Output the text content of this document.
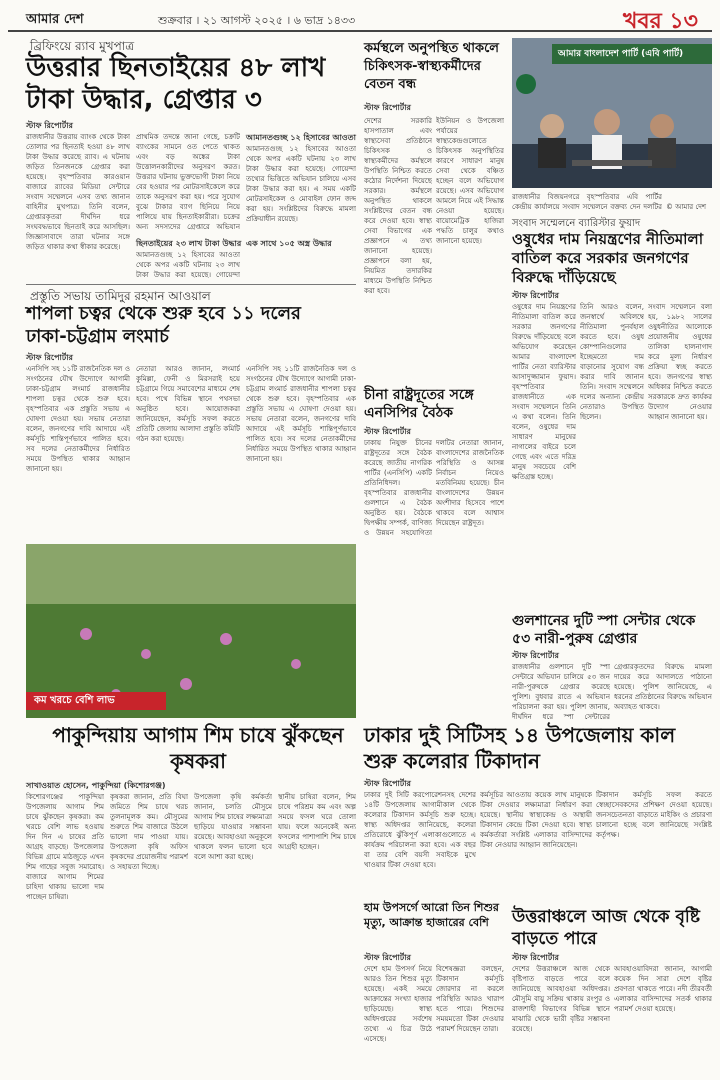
আমার দেশ	শুক্রবার । ২১ আগস্ট ২০২৫ । ৬ ভাদ্র ১৪৩৩	খবর ১৩
ব্রিফিংয়ে র‍্যাব মুখপাত্র
উত্তরার ছিনতাইয়ের ৪৮ লাখ টাকা উদ্ধার, গ্রেপ্তার ৩
স্টাফ রিপোর্টার
রাজধানীর উত্তরায় ব্যাংক থেকে টাকা তোলার পর ছিনতাই হওয়া ৪৮ লাখ টাকা উদ্ধার করেছে র‍্যাব। এ ঘটনায় জড়িত তিনজনকে গ্রেপ্তার করা হয়েছে। বৃহস্পতিবার কারওয়ান বাজারে র‍্যাবের মিডিয়া সেন্টারে সংবাদ সম্মেলনে এসব তথ্য জানান বাহিনীর মুখপাত্র। তিনি বলেন, গ্রেপ্তারকৃতরা দীর্ঘদিন ধরে সংঘবদ্ধভাবে ছিনতাই করে আসছিল। জিজ্ঞাসাবাদে তারা ঘটনার সঙ্গে জড়িত থাকার কথা স্বীকার করেছে।
প্রাথমিক তদন্তে জানা গেছে, চক্রটি ব্যাংকের সামনে ওত পেতে থাকত এবং বড় অঙ্কের টাকা উত্তোলনকারীদের অনুসরণ করত। উত্তরার ঘটনায় ভুক্তভোগী টাকা নিয়ে বের হওয়ার পর মোটরসাইকেলে করে তাকে অনুসরণ করা হয়। পরে সুযোগ বুঝে টাকার ব্যাগ ছিনিয়ে নিয়ে পালিয়ে যায় ছিনতাইকারীরা। চক্রের অন্য সদস্যদের গ্রেপ্তারে অভিযান
ছিনতাইয়ের ২৩ লাখ টাকা উদ্ধার
আমানতগুচ্ছ ১২ হিসাবের আওতা থেকে অপর একটি ঘটনায় ২৩ লাখ টাকা উদ্ধার করা হয়েছে। গোয়েন্দা
আমানতগুচ্ছ ১২ হিসাবের আওতা
আমানতগুচ্ছ ১২ হিসাবের আওতা থেকে অপর একটি ঘটনায় ২৩ লাখ টাকা উদ্ধার করা হয়েছে। গোয়েন্দা তথ্যের ভিত্তিতে অভিযান চালিয়ে এসব টাকা উদ্ধার করা হয়। এ সময় একটি মোটরসাইকেল ও মোবাইল ফোন জব্দ করা হয়। সংশ্লিষ্টদের বিরুদ্ধে মামলা প্রক্রিয়াধীন রয়েছে।
এক সাথে ১০৫ অস্ত্র উদ্ধার
প্রস্তুতি সভায় তামিদুর রহমান আওয়াল
শাপলা চত্বর থেকে শুরু হবে ১১ দলের ঢাকা-চট্টগ্রাম লংমার্চ
স্টাফ রিপোর্টার
এনসিপি সহ ১১টি রাজনৈতিক দল ও সংগঠনের যৌথ উদ্যোগে আগামী ঢাকা-চট্টগ্রাম লংমার্চ রাজধানীর শাপলা চত্বর থেকে শুরু হবে। বৃহস্পতিবার এক প্রস্তুতি সভায় এ ঘোষণা দেওয়া হয়। সভায় নেতারা বলেন, জনগণের দাবি আদায়ে এই কর্মসূচি শান্তিপূর্ণভাবে পালিত হবে। সব দলের নেতাকর্মীদের নির্ধারিত সময়ে উপস্থিত থাকার আহ্বান জানানো হয়।
নেতারা আরও জানান, লংমার্চ কুমিল্লা, ফেনী ও মিরসরাই হয়ে চট্টগ্রামে গিয়ে সমাবেশের মাধ্যমে শেষ হবে। পথে বিভিন্ন স্থানে পথসভা অনুষ্ঠিত হবে। আয়োজকরা জানিয়েছেন, কর্মসূচি সফল করতে প্রতিটি জেলায় আলাদা প্রস্তুতি কমিটি গঠন করা হয়েছে।
এনসিপি সহ ১১টি রাজনৈতিক দল ও সংগঠনের যৌথ উদ্যোগে আগামী ঢাকা-চট্টগ্রাম লংমার্চ রাজধানীর শাপলা চত্বর থেকে শুরু হবে। বৃহস্পতিবার এক প্রস্তুতি সভায় এ ঘোষণা দেওয়া হয়। সভায় নেতারা বলেন, জনগণের দাবি আদায়ে এই কর্মসূচি শান্তিপূর্ণভাবে পালিত হবে। সব দলের নেতাকর্মীদের নির্ধারিত সময়ে উপস্থিত থাকার আহ্বান জানানো হয়।
কর্মস্থলে অনুপস্থিত থাকলে চিকিৎসক-স্বাস্থ্যকর্মীদের বেতন বন্ধ
স্টাফ রিপোর্টার
দেশের সরকারি হাসপাতাল এবং স্বাস্থ্যসেবা প্রতিষ্ঠানে চিকিৎসক ও স্বাস্থ্যকর্মীদের কর্মস্থলে উপস্থিতি নিশ্চিত করতে কঠোর নির্দেশনা দিয়েছে সরকার। কর্মস্থলে অনুপস্থিত থাকলে সংশ্লিষ্টদের বেতন বন্ধ করে দেওয়া হবে। স্বাস্থ্য সেবা বিভাগের এক প্রজ্ঞাপনে এ তথ্য জানানো হয়েছে। প্রজ্ঞাপনে বলা হয়, নিয়মিত তদারকির মাধ্যমে উপস্থিতি নিশ্চিত করা হবে।
ইউনিয়ন ও উপজেলা পর্যায়ের স্বাস্থ্যকেন্দ্রগুলোতে চিকিৎসক অনুপস্থিতির কারণে সাধারণ মানুষ সেবা থেকে বঞ্চিত হচ্ছেন বলে অভিযোগ রয়েছে। এসব অভিযোগ আমলে নিয়ে এই সিদ্ধান্ত নেওয়া হয়েছে। বায়োমেট্রিক হাজিরা পদ্ধতি চালুর কথাও জানানো হয়েছে।
চীনা রাষ্ট্রদূতের সঙ্গে এনসিপির বৈঠক
স্টাফ রিপোর্টার
ঢাকায় নিযুক্ত চীনের রাষ্ট্রদূতের সঙ্গে বৈঠক করেছে জাতীয় নাগরিক পার্টির (এনসিপি) একটি প্রতিনিধিদল। বৃহস্পতিবার রাজধানীর গুলশানে এ বৈঠক অনুষ্ঠিত হয়। বৈঠকে দ্বিপক্ষীয় সম্পর্ক, বাণিজ্য ও উন্নয়ন সহযোগিতা
দলটির নেতারা জানান, বাংলাদেশের রাজনৈতিক পরিস্থিতি ও আসন্ন নির্বাচন নিয়েও মতবিনিময় হয়েছে। চীন বাংলাদেশের উন্নয়ন অংশীদার হিসেবে পাশে থাকবে বলে আশ্বাস দিয়েছেন রাষ্ট্রদূত।
আমার বাংলাদেশ পার্টি (এবি পার্টি)
রাজধানীর বিজয়নগরে বৃহস্পতিবার এবি পার্টির কেন্দ্রীয় কার্যালয়ে সংবাদ সম্মেলনে বক্তব্য দেন দলটির © আমার দেশ
সংবাদ সম্মেলনে ব্যারিস্টার ফুয়াদ
ওষুধের দাম নিয়ন্ত্রণের নীতিমালা বাতিল করে সরকার জনগণের বিরুদ্ধে দাঁড়িয়েছে
স্টাফ রিপোর্টার
ওষুধের দাম নিয়ন্ত্রণের নীতিমালা বাতিল করে সরকার জনগণের বিরুদ্ধে দাঁড়িয়েছে বলে অভিযোগ করেছেন আমার বাংলাদেশ পার্টির নেতা ব্যারিস্টার আসাদুজ্জামান ফুয়াদ। বৃহস্পতিবার রাজধানীতে এক সংবাদ সম্মেলনে তিনি এ কথা বলেন। তিনি বলেন, ওষুধের দাম সাধারণ মানুষের নাগালের বাইরে চলে গেছে এবং এতে দরিদ্র মানুষ সবচেয়ে বেশি ক্ষতিগ্রস্ত হচ্ছে।
তিনি আরও বলেন, জনস্বার্থে অবিলম্বে নীতিমালা পুনর্বহাল করতে হবে। ওষুধ কোম্পানিগুলোর ইচ্ছেমতো দাম বাড়ানোর সুযোগ বন্ধ করার দাবি জানান তিনি। সংবাদ সম্মেলনে দলের অন্যান্য কেন্দ্রীয় নেতারাও উপস্থিত ছিলেন।
সংবাদ সম্মেলনে বলা হয়, ১৯৮২ সালের ওষুধনীতির আলোকে প্রয়োজনীয় ওষুধের তালিকা হালনাগাদ করে মূল্য নির্ধারণ প্রক্রিয়া স্বচ্ছ করতে হবে। জনগণের স্বাস্থ্য অধিকার নিশ্চিত করতে সরকারকে দ্রুত কার্যকর উদ্যোগ নেওয়ার আহ্বান জানানো হয়।
গুলশানের দুটি স্পা সেন্টার থেকে ৫৩ নারী-পুরুষ গ্রেপ্তার
স্টাফ রিপোর্টার
রাজধানীর গুলশানে দুটি স্পা সেন্টারে অভিযান চালিয়ে ৫৩ জন নারী-পুরুষকে গ্রেপ্তার করেছে পুলিশ। বুধবার রাতে এ অভিযান পরিচালনা করা হয়। পুলিশ জানায়, দীর্ঘদিন ধরে স্পা সেন্টারের
গ্রেপ্তারকৃতদের বিরুদ্ধে মামলা দায়ের করে আদালতে পাঠানো হয়েছে। পুলিশ জানিয়েছে, এ ধরনের প্রতিষ্ঠানের বিরুদ্ধে অভিযান অব্যাহত থাকবে।
ঢাকার দুই সিটিসহ ১৪ উপজেলায় কাল শুরু কলেরার টিকাদান
স্টাফ রিপোর্টার
ঢাকার দুই সিটি করপোরেশনসহ দেশের ১৪টি উপজেলায় আগামীকাল থেকে কলেরার টিকাদান কর্মসূচি শুরু হচ্ছে। স্বাস্থ্য অধিদপ্তর জানিয়েছে, কলেরা প্রতিরোধে ঝুঁকিপূর্ণ এলাকাগুলোতে এ কার্যক্রম পরিচালনা করা হবে। এক বছর বা তার বেশি বয়সী সবাইকে মুখে খাওয়ার টিকা দেওয়া হবে।
কর্মসূচির আওতায় কয়েক লাখ মানুষকে টিকা দেওয়ার লক্ষ্যমাত্রা নির্ধারণ করা হয়েছে। স্থানীয় স্বাস্থ্যকেন্দ্র ও অস্থায়ী টিকাদান কেন্দ্রে টিকা দেওয়া হবে। স্বাস্থ্য কর্মকর্তারা সংশ্লিষ্ট এলাকার বাসিন্দাদের টিকা নেওয়ার আহ্বান জানিয়েছেন।
টিকাদান কর্মসূচি সফল করতে স্বেচ্ছাসেবকদের প্রশিক্ষণ দেওয়া হয়েছে। জনসচেতনতা বাড়াতে মাইকিং ও প্রচারণা চালানো হচ্ছে বলে জানিয়েছে সংশ্লিষ্ট কর্তৃপক্ষ।
কম খরচে বেশি লাভ
পাকুন্দিয়ায় আগাম শিম চাষে ঝুঁকছেন কৃষকরা
সাখাওয়াত হোসেন, পাকুন্দিয়া (কিশোরগঞ্জ)
কিশোরগঞ্জের পাকুন্দিয়া উপজেলায় আগাম শিম চাষে ঝুঁকছেন কৃষকরা। কম খরচে বেশি লাভ হওয়ায় দিন দিন এ চাষের প্রতি আগ্রহ বাড়ছে। উপজেলার বিভিন্ন গ্রামে মাঠজুড়ে এখন শিম গাছের সবুজ সমারোহ। বাজারে আগাম শিমের চাহিদা থাকায় ভালো দাম পাচ্ছেন চাষিরা।
কৃষকরা জানান, প্রতি বিঘা জমিতে শিম চাষে খরচ তুলনামূলক কম। মৌসুমের শুরুতে শিম বাজারে উঠলে ভালো দাম পাওয়া যায়। উপজেলা কৃষি অফিস কৃষকদের প্রয়োজনীয় পরামর্শ ও সহায়তা দিচ্ছে।
উপজেলা কৃষি কর্মকর্তা জানান, চলতি মৌসুমে আগাম শিম চাষের লক্ষ্যমাত্রা ছাড়িয়ে যাওয়ার সম্ভাবনা রয়েছে। আবহাওয়া অনুকূলে থাকলে ফলন ভালো হবে বলে আশা করা হচ্ছে।
স্থানীয় চাষিরা বলেন, শিম চাষে পরিশ্রম কম এবং অল্প সময়ে ফসল ঘরে তোলা যায়। ফলে অনেকেই অন্য ফসলের পাশাপাশি শিম চাষে আগ্রহী হচ্ছেন।
হাম উপসর্গে আরো তিন শিশুর মৃত্যু, আক্রান্ত হাজারের বেশি
স্টাফ রিপোর্টার
দেশে হাম উপসর্গ নিয়ে আরও তিন শিশুর মৃত্যু হয়েছে। একই সময়ে আক্রান্তের সংখ্যা হাজার ছাড়িয়েছে। স্বাস্থ্য অধিদপ্তরের সর্বশেষ তথ্যে এ চিত্র উঠে এসেছে।
বিশেষজ্ঞরা বলছেন, টিকাদান কর্মসূচি জোরদার না করলে পরিস্থিতি আরও খারাপ হতে পারে। শিশুদের সময়মতো টিকা দেওয়ার পরামর্শ দিয়েছেন তারা।
উত্তরাঞ্চলে আজ থেকে বৃষ্টি বাড়তে পারে
স্টাফ রিপোর্টার
দেশের উত্তরাঞ্চলে আজ থেকে বৃষ্টিপাত বাড়তে পারে বলে জানিয়েছে আবহাওয়া অধিদপ্তর। মৌসুমি বায়ু সক্রিয় থাকায় রংপুর ও রাজশাহী বিভাগের বিভিন্ন স্থানে মাঝারি থেকে ভারী বৃষ্টির সম্ভাবনা রয়েছে।
আবহাওয়াবিদরা জানান, আগামী কয়েক দিন সারা দেশে বৃষ্টির প্রবণতা থাকতে পারে। নদী তীরবর্তী এলাকার বাসিন্দাদের সতর্ক থাকার পরামর্শ দেওয়া হয়েছে।
